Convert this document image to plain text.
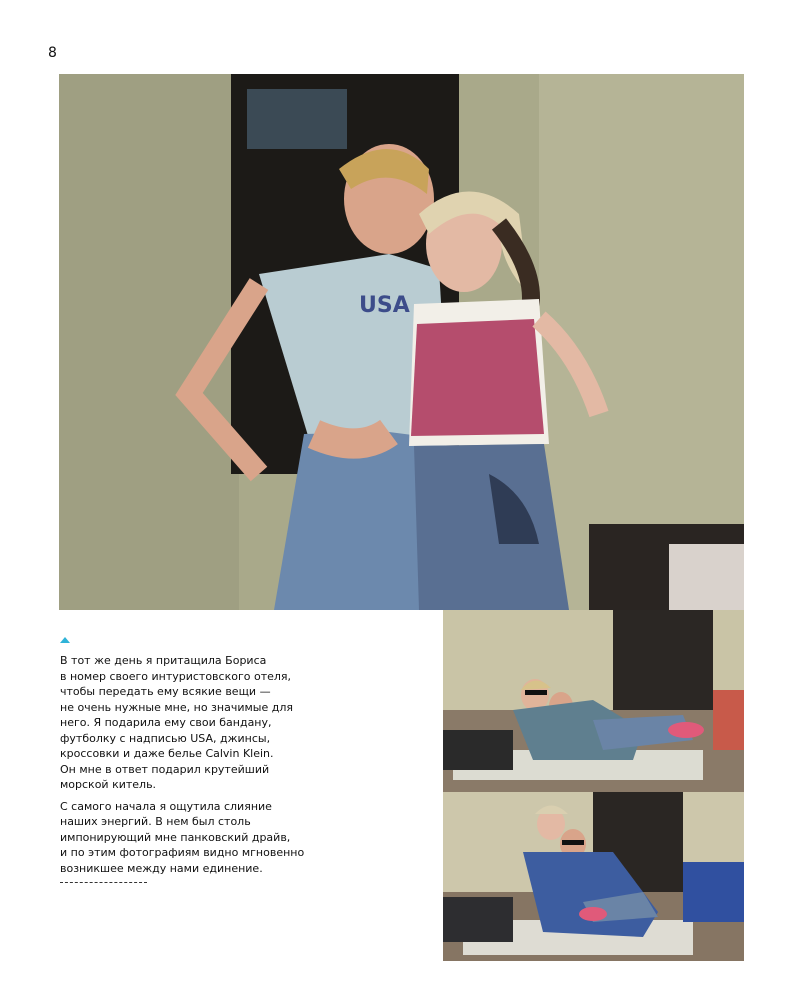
8
USA

В тот же день я притащила Бориса
в номер своего интуристовского отеля,
чтобы передать ему всякие вещи —
не очень нужные мне, но значимые для
него. Я подарила ему свои бандану,
футболку с надписью USA, джинсы,
кроссовки и даже белье Calvin Klein.
Он мне в ответ подарил крутейший
морской китель.

С самого начала я ощутила слияние
наших энергий. В нем был столь
импонирующий мне панковский драйв,
и по этим фотографиям видно мгновенно
возникшее между нами единение.
